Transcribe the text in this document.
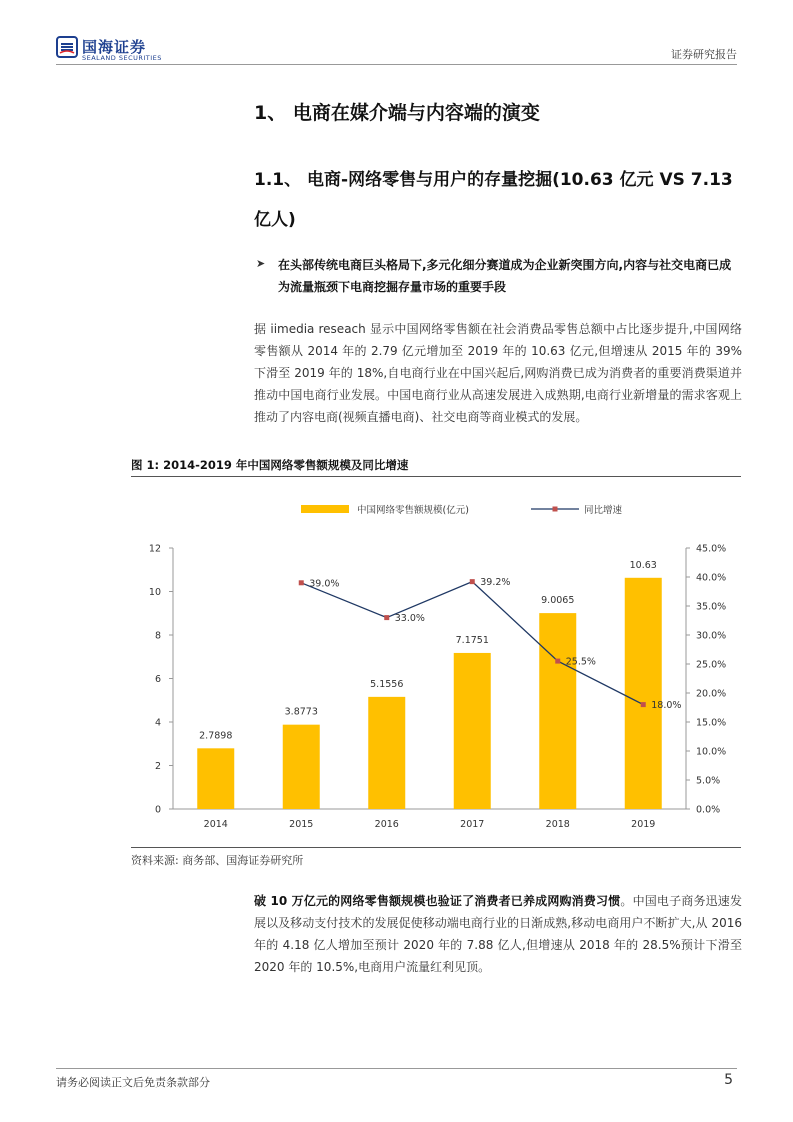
国海证券
SEALAND SECURITIES	证券研究报告
1、 电商在媒介端与内容端的演变
1.1、 电商-网络零售与用户的存量挖掘(10.63 亿元 VS 7.13 亿人)
➤ 在头部传统电商巨头格局下,多元化细分赛道成为企业新突围方向,内容与社交电商已成为流量瓶颈下电商挖掘存量市场的重要手段
据 iimedia reseach 显示中国网络零售额在社会消费品零售总额中占比逐步提升,中国网络零售额从 2014 年的 2.79 亿元增加至 2019 年的 10.63 亿元,但增速从 2015 年的 39%下滑至 2019 年的 18%,自电商行业在中国兴起后,网购消费已成为消费者的重要消费渠道并推动中国电商行业发展。中国电商行业从高速发展进入成熟期,电商行业新增量的需求客观上推动了内容电商(视频直播电商)、社交电商等商业模式的发展。
图 1: 2014-2019 年中国网络零售额规模及同比增速
中国网络零售额规模(亿元)	同比增速
0
2
4
6
8
10
12
0.0%
5.0%
10.0%
15.0%
20.0%
25.0%
30.0%
35.0%
40.0%
45.0%
2014	2015	2016	2017	2018	2019
2.7898
3.8773
5.1556
7.1751
9.0065
10.63
39.0%
33.0%
39.2%
25.5%
18.0%
资料来源: 商务部、国海证券研究所
破 10 万亿元的网络零售额规模也验证了消费者已养成网购消费习惯。中国电子商务迅速发展以及移动支付技术的发展促使移动端电商行业的日渐成熟,移动电商用户不断扩大,从 2016 年的 4.18 亿人增加至预计 2020 年的 7.88 亿人,但增速从 2018 年的 28.5%预计下滑至 2020 年的 10.5%,电商用户流量红利见顶。
请务必阅读正文后免责条款部分	5
